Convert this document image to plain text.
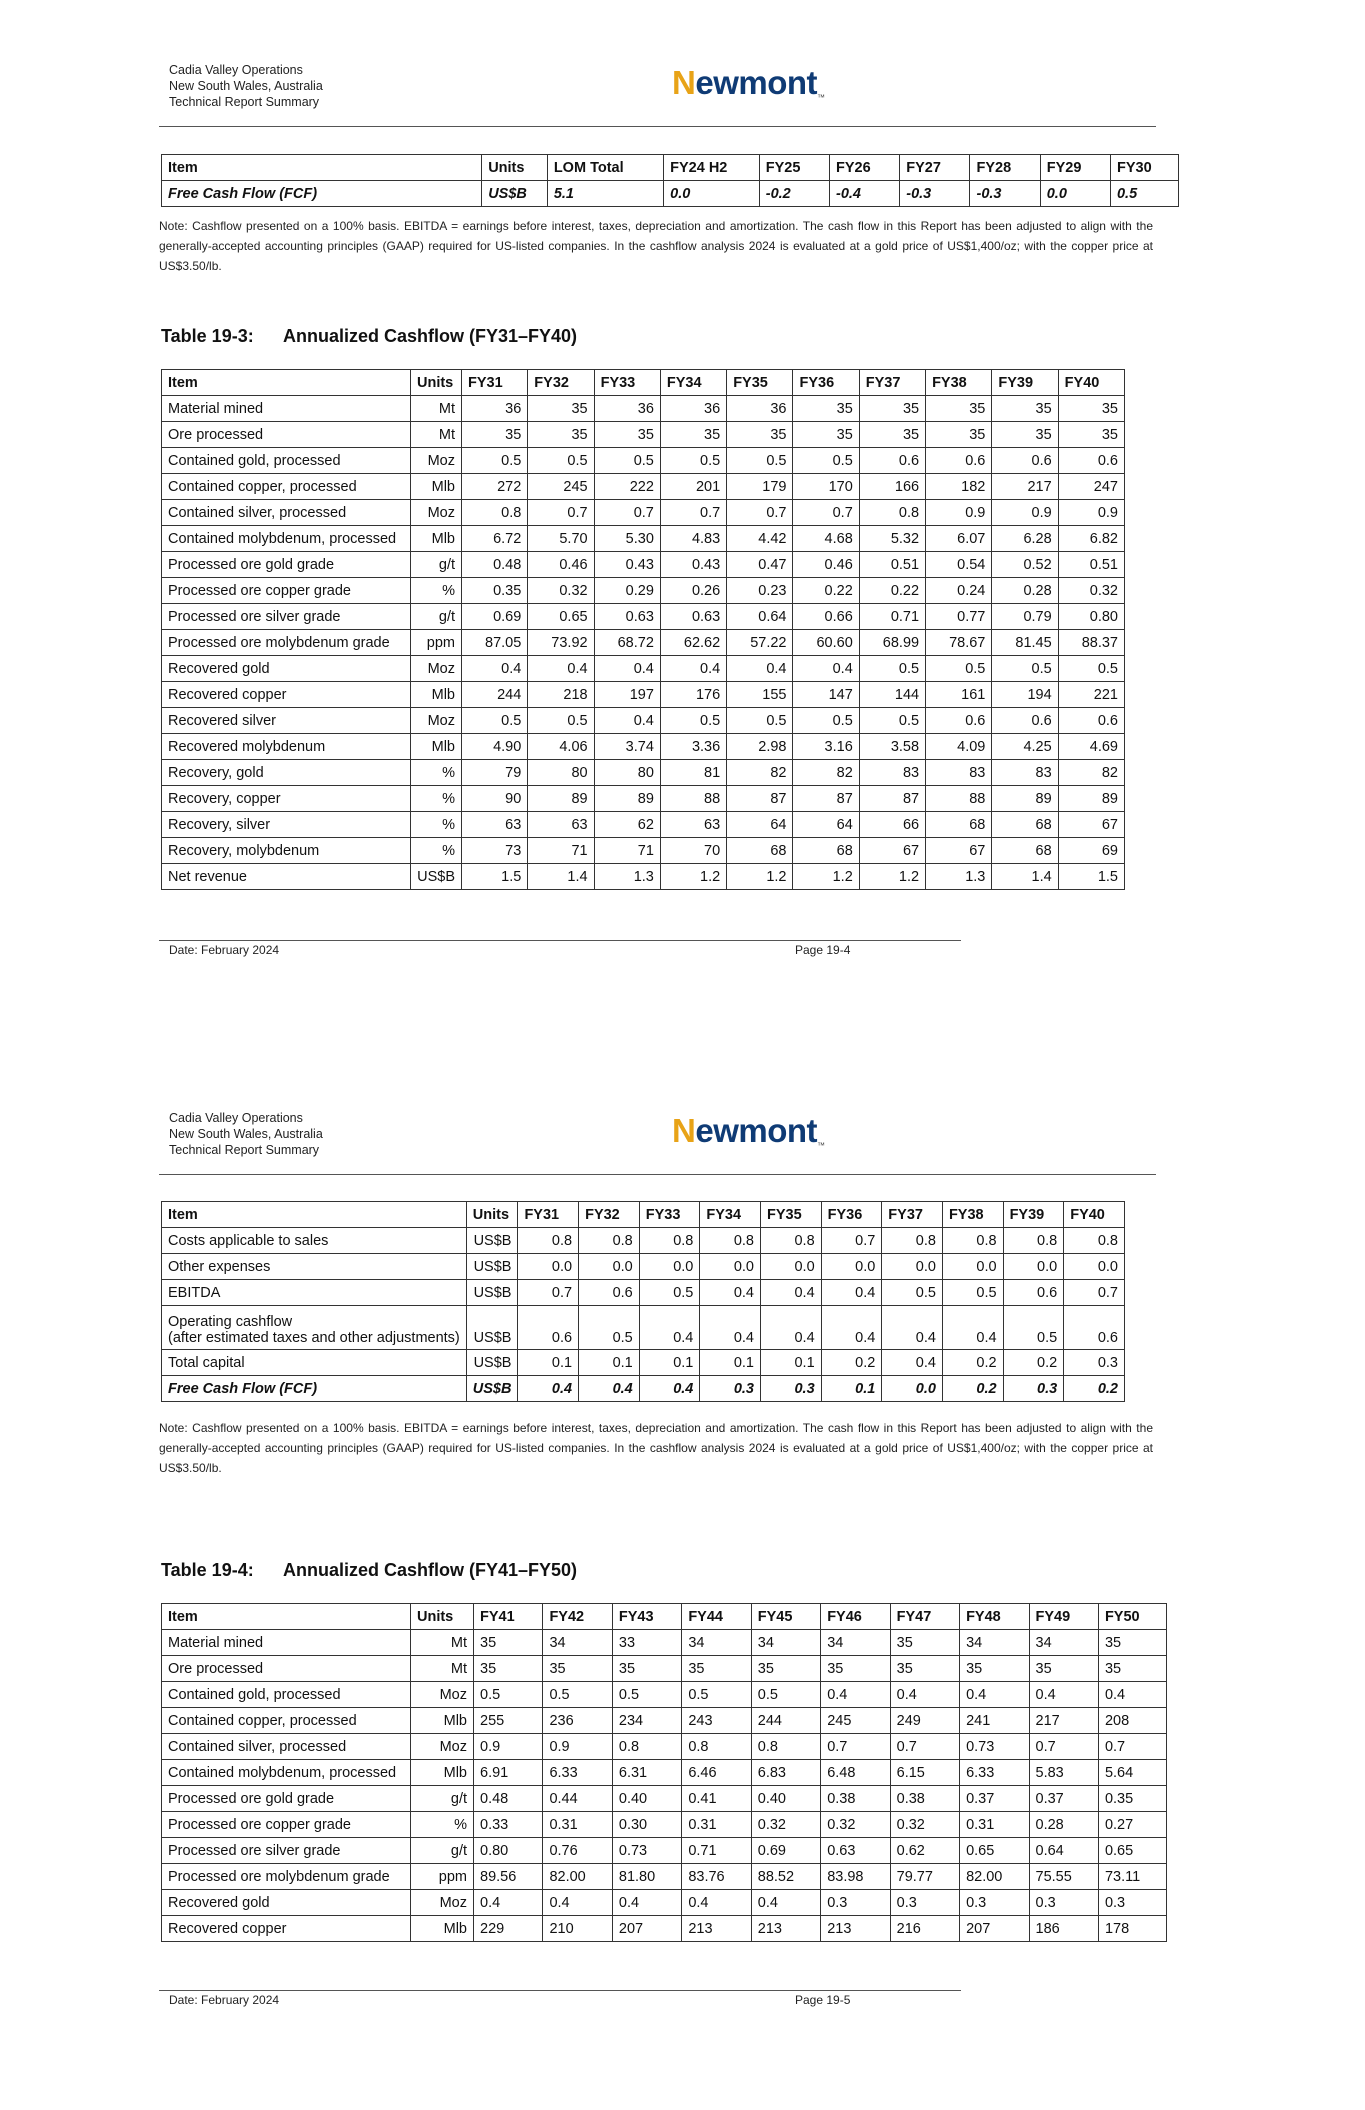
Cadia Valley Operations
New South Wales, Australia
Technical Report Summary
Newmont™
Item	Units	LOM Total	FY24 H2	FY25	FY26	FY27	FY28	FY29	FY30
Free Cash Flow (FCF)	US$B	5.1	0.0	-0.2	-0.4	-0.3	-0.3	0.0	0.5
Note: Cashflow presented on a 100% basis. EBITDA = earnings before interest, taxes, depreciation and amortization. The cash flow in this Report has been adjusted to align with the generally-accepted accounting principles (GAAP) required for US-listed companies. In the cashflow analysis 2024 is evaluated at a gold price of US$1,400/oz; with the copper price at US$3.50/lb.
Table 19-3: Annualized Cashflow (FY31–FY40)
Item	Units	FY31	FY32	FY33	FY34	FY35	FY36	FY37	FY38	FY39	FY40
Material mined	Mt	36	35	36	36	36	35	35	35	35	35
Ore processed	Mt	35	35	35	35	35	35	35	35	35	35
Contained gold, processed	Moz	0.5	0.5	0.5	0.5	0.5	0.5	0.6	0.6	0.6	0.6
Contained copper, processed	Mlb	272	245	222	201	179	170	166	182	217	247
Contained silver, processed	Moz	0.8	0.7	0.7	0.7	0.7	0.7	0.8	0.9	0.9	0.9
Contained molybdenum, processed	Mlb	6.72	5.70	5.30	4.83	4.42	4.68	5.32	6.07	6.28	6.82
Processed ore gold grade	g/t	0.48	0.46	0.43	0.43	0.47	0.46	0.51	0.54	0.52	0.51
Processed ore copper grade	%	0.35	0.32	0.29	0.26	0.23	0.22	0.22	0.24	0.28	0.32
Processed ore silver grade	g/t	0.69	0.65	0.63	0.63	0.64	0.66	0.71	0.77	0.79	0.80
Processed ore molybdenum grade	ppm	87.05	73.92	68.72	62.62	57.22	60.60	68.99	78.67	81.45	88.37
Recovered gold	Moz	0.4	0.4	0.4	0.4	0.4	0.4	0.5	0.5	0.5	0.5
Recovered copper	Mlb	244	218	197	176	155	147	144	161	194	221
Recovered silver	Moz	0.5	0.5	0.4	0.5	0.5	0.5	0.5	0.6	0.6	0.6
Recovered molybdenum	Mlb	4.90	4.06	3.74	3.36	2.98	3.16	3.58	4.09	4.25	4.69
Recovery, gold	%	79	80	80	81	82	82	83	83	83	82
Recovery, copper	%	90	89	89	88	87	87	87	88	89	89
Recovery, silver	%	63	63	62	63	64	64	66	68	68	67
Recovery, molybdenum	%	73	71	71	70	68	68	67	67	68	69
Net revenue	US$B	1.5	1.4	1.3	1.2	1.2	1.2	1.2	1.3	1.4	1.5
Date: February 2024	Page 19-4
Cadia Valley Operations
New South Wales, Australia
Technical Report Summary
Newmont™
Item	Units	FY31	FY32	FY33	FY34	FY35	FY36	FY37	FY38	FY39	FY40
Costs applicable to sales	US$B	0.8	0.8	0.8	0.8	0.8	0.7	0.8	0.8	0.8	0.8
Other expenses	US$B	0.0	0.0	0.0	0.0	0.0	0.0	0.0	0.0	0.0	0.0
EBITDA	US$B	0.7	0.6	0.5	0.4	0.4	0.4	0.5	0.5	0.6	0.7
Operating cashflow
(after estimated taxes and other adjustments)	US$B	0.6	0.5	0.4	0.4	0.4	0.4	0.4	0.4	0.5	0.6
Total capital	US$B	0.1	0.1	0.1	0.1	0.1	0.2	0.4	0.2	0.2	0.3
Free Cash Flow (FCF)	US$B	0.4	0.4	0.4	0.3	0.3	0.1	0.0	0.2	0.3	0.2
Note: Cashflow presented on a 100% basis. EBITDA = earnings before interest, taxes, depreciation and amortization. The cash flow in this Report has been adjusted to align with the generally-accepted accounting principles (GAAP) required for US-listed companies. In the cashflow analysis 2024 is evaluated at a gold price of US$1,400/oz; with the copper price at US$3.50/lb.
Table 19-4: Annualized Cashflow (FY41–FY50)
Item	Units	FY41	FY42	FY43	FY44	FY45	FY46	FY47	FY48	FY49	FY50
Material mined	Mt	35	34	33	34	34	34	35	34	34	35
Ore processed	Mt	35	35	35	35	35	35	35	35	35	35
Contained gold, processed	Moz	0.5	0.5	0.5	0.5	0.5	0.4	0.4	0.4	0.4	0.4
Contained copper, processed	Mlb	255	236	234	243	244	245	249	241	217	208
Contained silver, processed	Moz	0.9	0.9	0.8	0.8	0.8	0.7	0.7	0.73	0.7	0.7
Contained molybdenum, processed	Mlb	6.91	6.33	6.31	6.46	6.83	6.48	6.15	6.33	5.83	5.64
Processed ore gold grade	g/t	0.48	0.44	0.40	0.41	0.40	0.38	0.38	0.37	0.37	0.35
Processed ore copper grade	%	0.33	0.31	0.30	0.31	0.32	0.32	0.32	0.31	0.28	0.27
Processed ore silver grade	g/t	0.80	0.76	0.73	0.71	0.69	0.63	0.62	0.65	0.64	0.65
Processed ore molybdenum grade	ppm	89.56	82.00	81.80	83.76	88.52	83.98	79.77	82.00	75.55	73.11
Recovered gold	Moz	0.4	0.4	0.4	0.4	0.4	0.3	0.3	0.3	0.3	0.3
Recovered copper	Mlb	229	210	207	213	213	213	216	207	186	178
Date: February 2024	Page 19-5
